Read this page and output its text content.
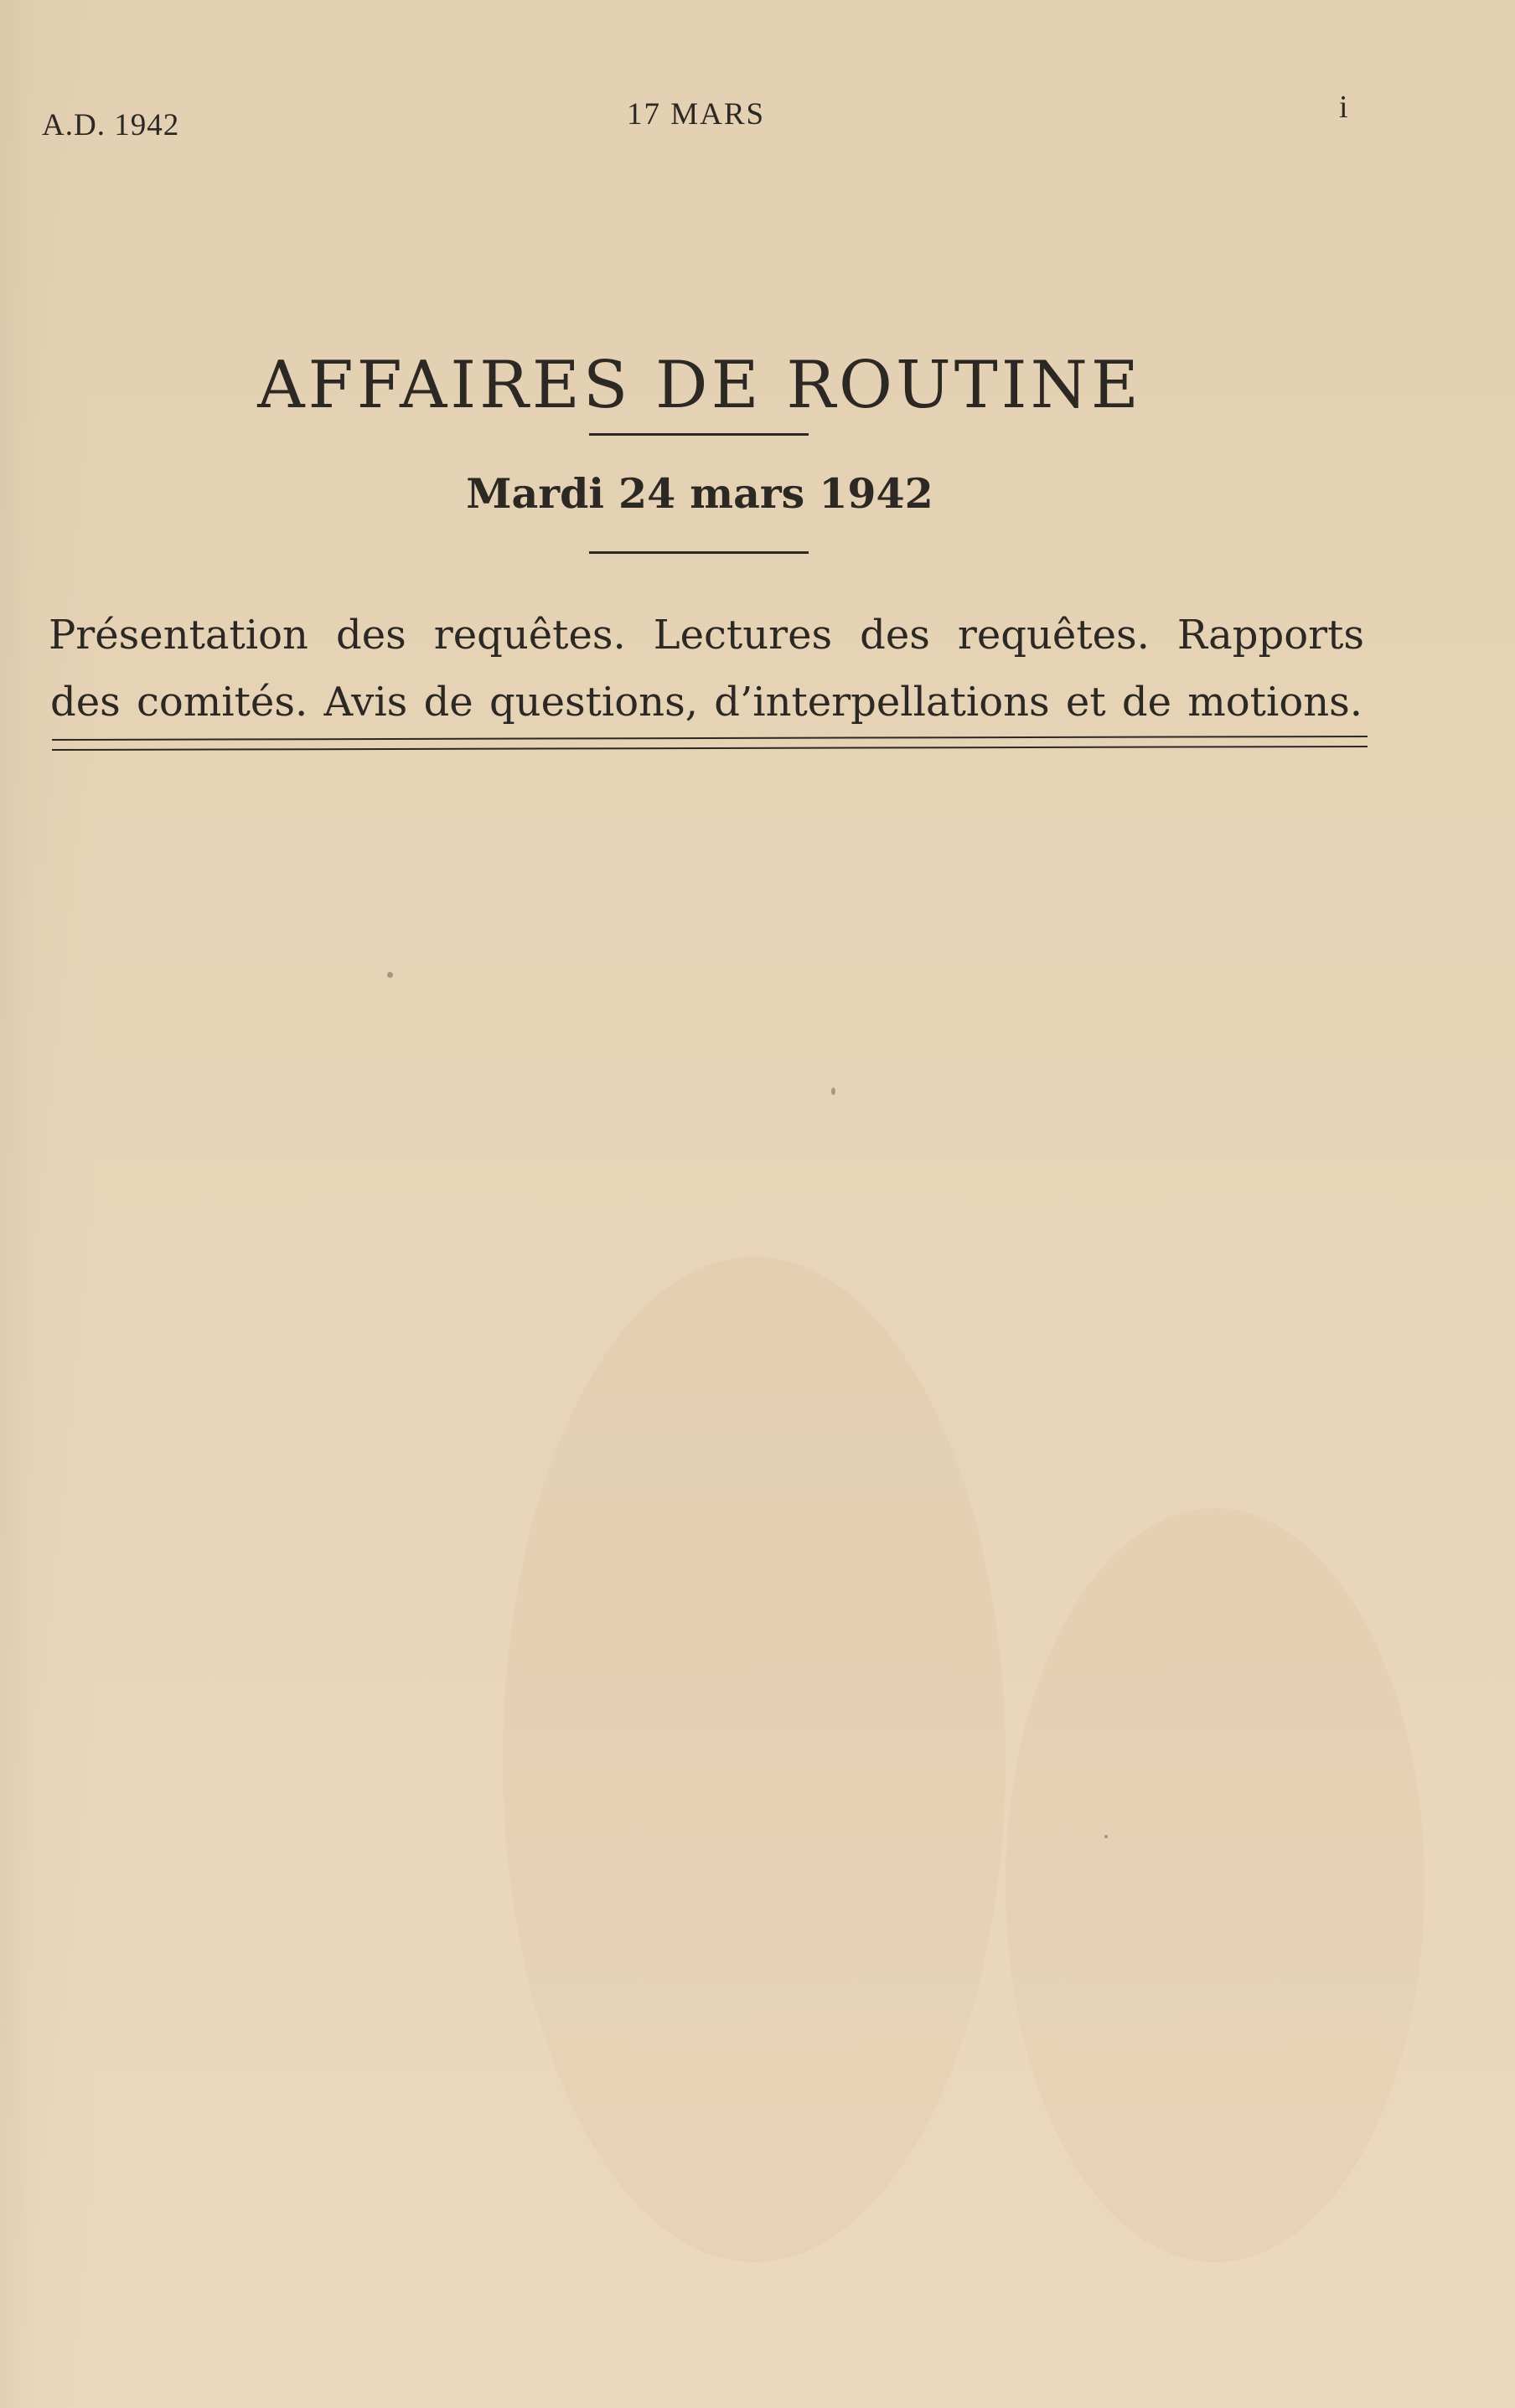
A.D. 1942	17 MARS	i
AFFAIRES DE ROUTINE
Mardi 24 mars 1942

Présentation des requêtes. Lectures des requêtes. Rapports des comités. Avis de questions, d’interpellations et de motions.
